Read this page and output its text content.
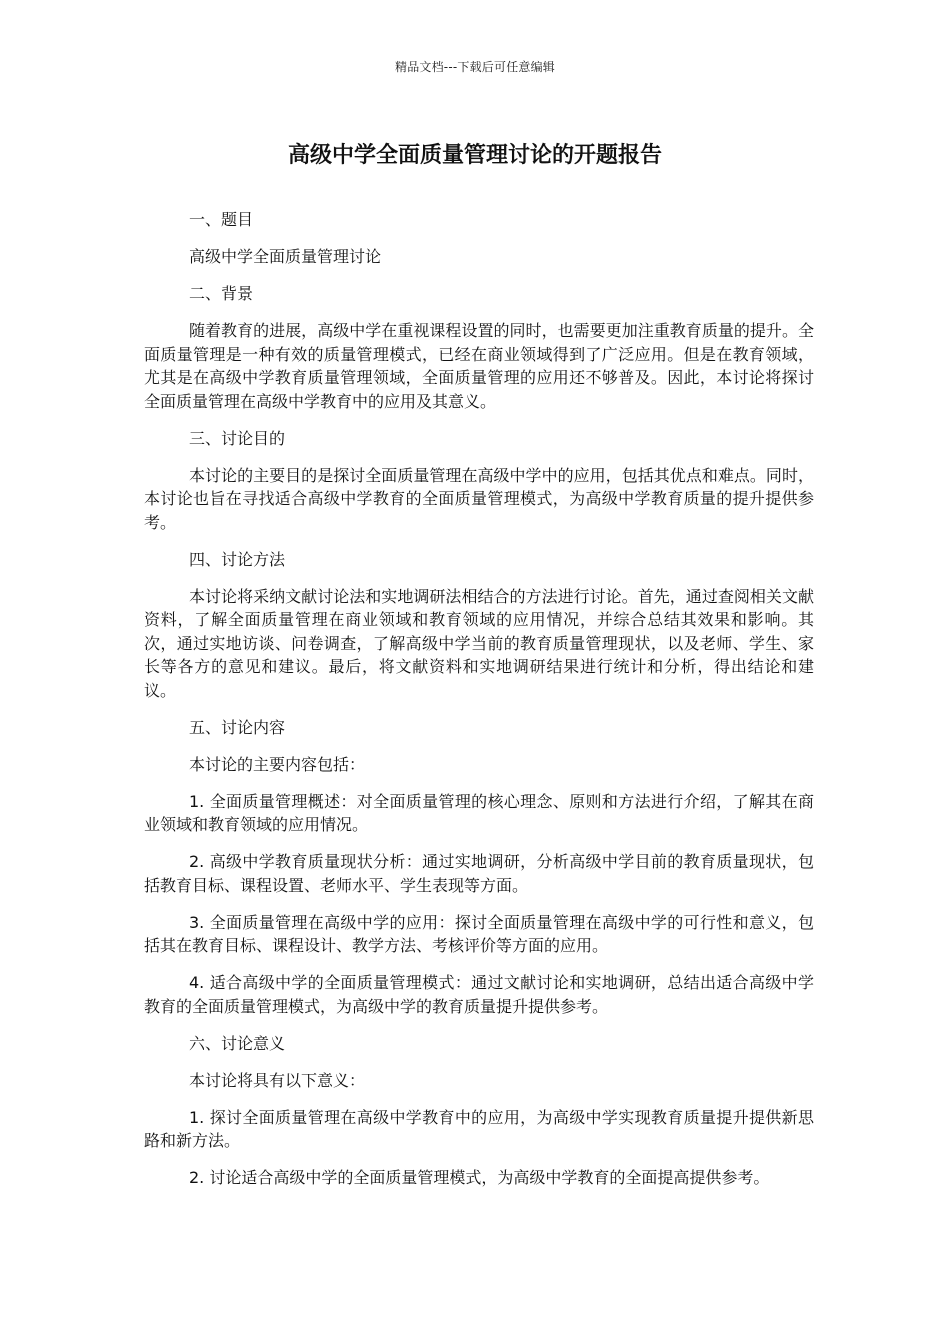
精品文档---下载后可任意编辑
高级中学全面质量管理讨论的开题报告

一、题目

高级中学全面质量管理讨论

二、背景

随着教育的进展，高级中学在重视课程设置的同时，也需要更加注重教育质量的提升。全面质量管理是一种有效的质量管理模式，已经在商业领域得到了广泛应用。但是在教育领域，尤其是在高级中学教育质量管理领域，全面质量管理的应用还不够普及。因此，本讨论将探讨全面质量管理在高级中学教育中的应用及其意义。

三、讨论目的

本讨论的主要目的是探讨全面质量管理在高级中学中的应用，包括其优点和难点。同时，本讨论也旨在寻找适合高级中学教育的全面质量管理模式，为高级中学教育质量的提升提供参考。

四、讨论方法

本讨论将采纳文献讨论法和实地调研法相结合的方法进行讨论。首先，通过查阅相关文献资料，了解全面质量管理在商业领域和教育领域的应用情况，并综合总结其效果和影响。其次，通过实地访谈、问卷调查，了解高级中学当前的教育质量管理现状，以及老师、学生、家长等各方的意见和建议。最后，将文献资料和实地调研结果进行统计和分析，得出结论和建议。

五、讨论内容

本讨论的主要内容包括：

1. 全面质量管理概述：对全面质量管理的核心理念、原则和方法进行介绍，了解其在商业领域和教育领域的应用情况。

2. 高级中学教育质量现状分析：通过实地调研，分析高级中学目前的教育质量现状，包括教育目标、课程设置、老师水平、学生表现等方面。

3. 全面质量管理在高级中学的应用：探讨全面质量管理在高级中学的可行性和意义，包括其在教育目标、课程设计、教学方法、考核评价等方面的应用。

4. 适合高级中学的全面质量管理模式：通过文献讨论和实地调研，总结出适合高级中学教育的全面质量管理模式，为高级中学的教育质量提升提供参考。

六、讨论意义

本讨论将具有以下意义：

1. 探讨全面质量管理在高级中学教育中的应用，为高级中学实现教育质量提升提供新思路和新方法。

2. 讨论适合高级中学的全面质量管理模式，为高级中学教育的全面提高提供参考。
